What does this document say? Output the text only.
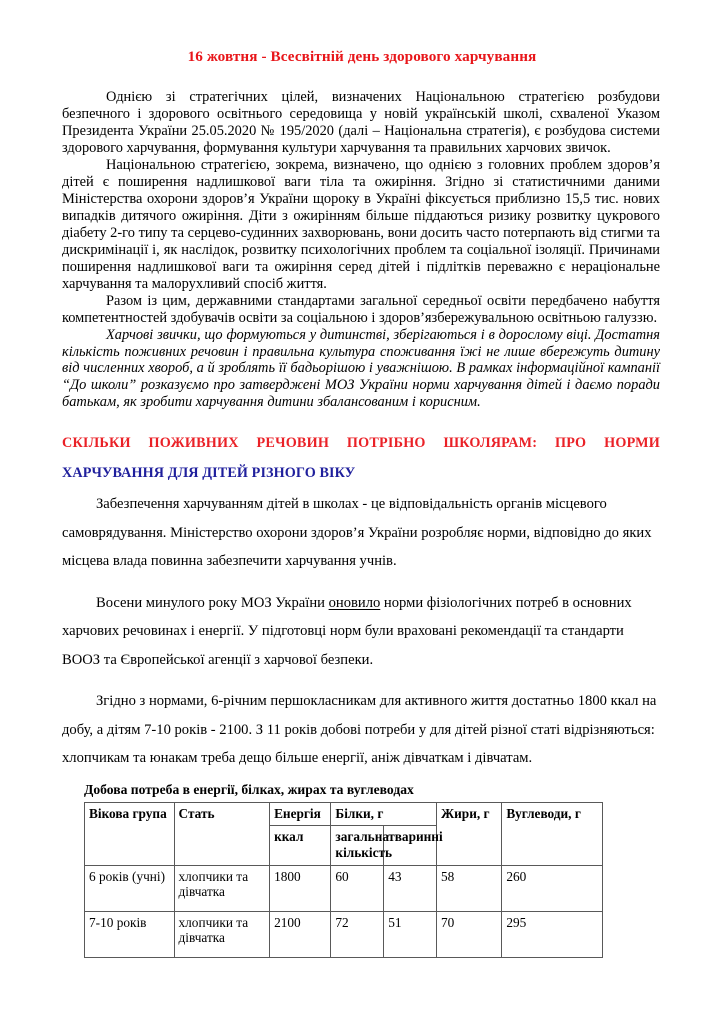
16 жовтня - Всесвітній день здорового харчування

Однією зі стратегічних цілей, визначених Національною стратегією розбудови безпечного і здорового освітнього середовища у новій українській школі, схваленої Указом Президента України 25.05.2020 № 195/2020 (далі – Національна стратегія), є розбудова системи здорового харчування, формування культури харчування та правильних харчових звичок.

Національною стратегією, зокрема, визначено, що однією з головних проблем здоров’я дітей є поширення надлишкової ваги тіла та ожиріння. Згідно зі статистичними даними Міністерства охорони здоров’я України щороку в Україні фіксується приблизно 15,5 тис. нових випадків дитячого ожиріння. Діти з ожирінням більше піддаються ризику розвитку цукрового діабету 2-го типу та серцево-судинних захворювань, вони досить часто потерпають від стигми та дискримінації і, як наслідок, розвитку психологічних проблем та соціальної ізоляції. Причинами поширення надлишкової ваги та ожиріння серед дітей і підлітків переважно є нераціональне харчування та малорухливий спосіб життя.

Разом із цим, державними стандартами загальної середньої освіти передбачено набуття компетентностей здобувачів освіти за соціальною і здоров’язбережувальною освітньою галуззю.

Харчові звички, що формуються у дитинстві, зберігаються і в дорослому віці. Достатня кількість поживних речовин і правильна культура споживання їжі не лише вбережуть дитину від численних хвороб, а й зроблять її бадьорішою і уважнішою. В рамках інформаційної кампанії “До школи” розказуємо про затверджені МОЗ України норми харчування дітей і даємо поради батькам, як зробити харчування дитини збалансованим і корисним.

СКІЛЬКИ ПОЖИВНИХ РЕЧОВИН ПОТРІБНО ШКОЛЯРАМ: ПРО НОРМИ
ХАРЧУВАННЯ ДЛЯ ДІТЕЙ РІЗНОГО ВІКУ

Забезпечення харчуванням дітей в школах - це відповідальність органів місцевого самоврядування. Міністерство охорони здоров’я України розробляє норми, відповідно до яких місцева влада повинна забезпечити харчування учнів.

Восени минулого року МОЗ України оновило норми фізіологічних потреб в основних харчових речовинах і енергії. У підготовці норм були враховані рекомендації та стандарти ВООЗ та Європейської агенції з харчової безпеки.

Згідно з нормами, 6-річним першокласникам для активного життя достатньо 1800 ккал на добу, а дітям 7-10 років - 2100. З 11 років добові потреби у для дітей різної статі відрізняються: хлопчикам та юнакам треба дещо більше енергії, аніж дівчаткам і дівчатам.

Добова потреба в енергії, білках, жирах та вуглеводах
Вікова група	Стать	Енергія	Білки, г		Жири, г	Вуглеводи, г
		ккал	загальна кількість	тваринні		
6 років (учні)	хлопчики та дівчатка	1800	60	43	58	260
7-10 років	хлопчики та дівчатка	2100	72	51	70	295
